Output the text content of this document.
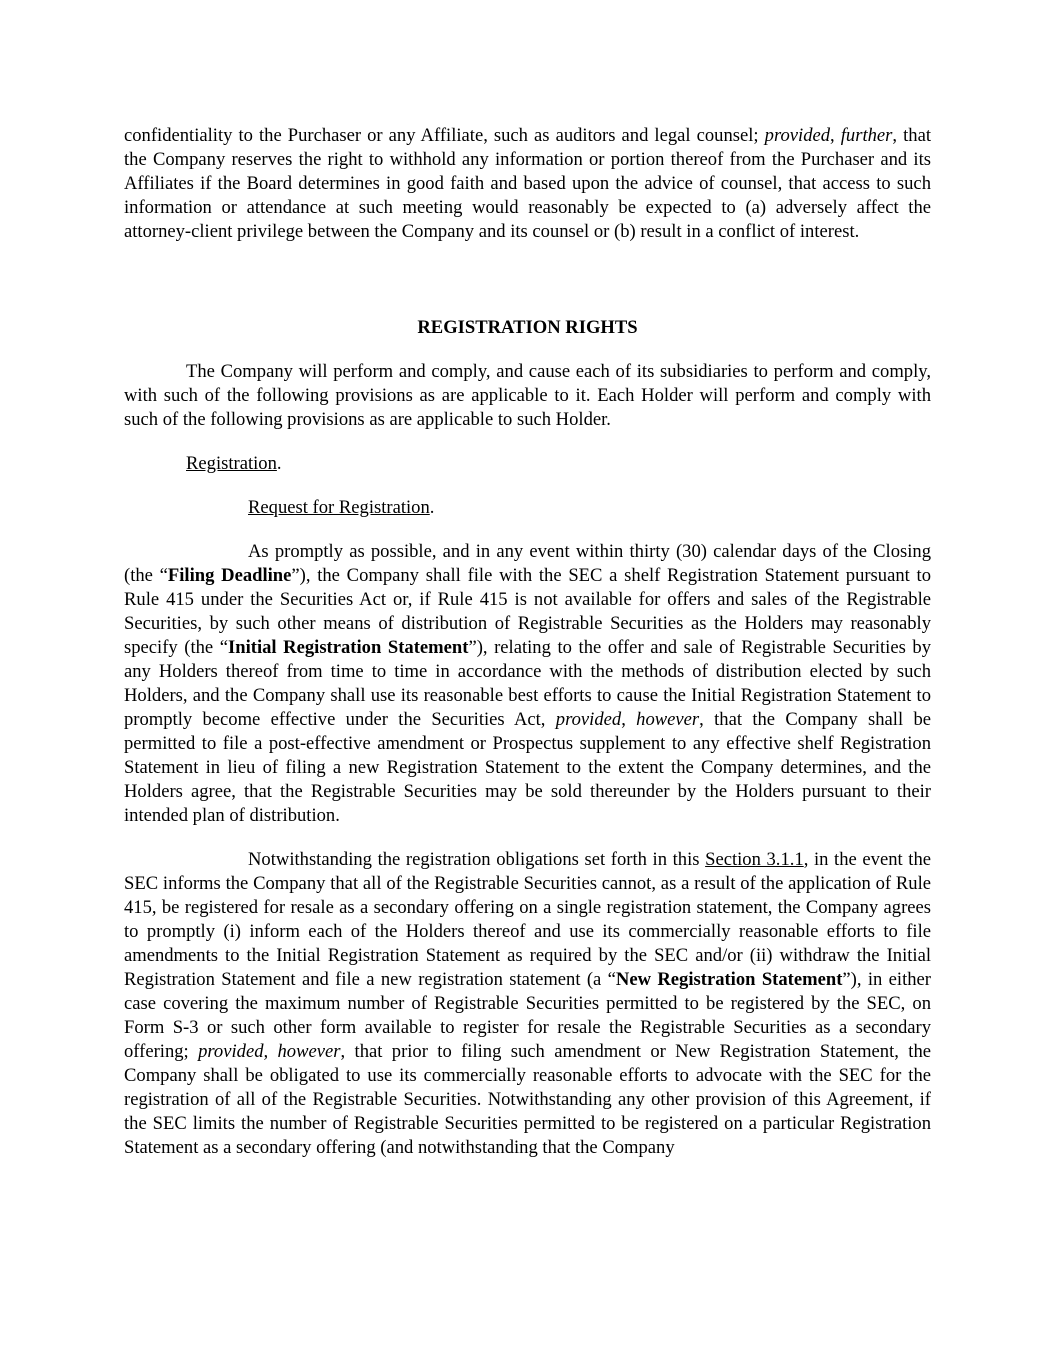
confidentiality to the Purchaser or any Affiliate, such as auditors and legal counsel; provided, further, that the Company reserves the right to withhold any information or portion thereof from the Purchaser and its Affiliates if the Board determines in good faith and based upon the advice of counsel, that access to such information or attendance at such meeting would reasonably be expected to (a) adversely affect the attorney-client privilege between the Company and its counsel or (b) result in a conflict of interest.

REGISTRATION RIGHTS

The Company will perform and comply, and cause each of its subsidiaries to perform and comply, with such of the following provisions as are applicable to it. Each Holder will perform and comply with such of the following provisions as are applicable to such Holder.

Registration.

Request for Registration.

As promptly as possible, and in any event within thirty (30) calendar days of the Closing (the “Filing Deadline”), the Company shall file with the SEC a shelf Registration Statement pursuant to Rule 415 under the Securities Act or, if Rule 415 is not available for offers and sales of the Registrable Securities, by such other means of distribution of Registrable Securities as the Holders may reasonably specify (the “Initial Registration Statement”), relating to the offer and sale of Registrable Securities by any Holders thereof from time to time in accordance with the methods of distribution elected by such Holders, and the Company shall use its reasonable best efforts to cause the Initial Registration Statement to promptly become effective under the Securities Act, provided, however, that the Company shall be permitted to file a post-effective amendment or Prospectus supplement to any effective shelf Registration Statement in lieu of filing a new Registration Statement to the extent the Company determines, and the Holders agree, that the Registrable Securities may be sold thereunder by the Holders pursuant to their intended plan of distribution.

Notwithstanding the registration obligations set forth in this Section 3.1.1, in the event the SEC informs the Company that all of the Registrable Securities cannot, as a result of the application of Rule 415, be registered for resale as a secondary offering on a single registration statement, the Company agrees to promptly (i) inform each of the Holders thereof and use its commercially reasonable efforts to file amendments to the Initial Registration Statement as required by the SEC and/or (ii) withdraw the Initial Registration Statement and file a new registration statement (a “New Registration Statement”), in either case covering the maximum number of Registrable Securities permitted to be registered by the SEC, on Form S-3 or such other form available to register for resale the Registrable Securities as a secondary offering; provided, however, that prior to filing such amendment or New Registration Statement, the Company shall be obligated to use its commercially reasonable efforts to advocate with the SEC for the registration of all of the Registrable Securities. Notwithstanding any other provision of this Agreement, if the SEC limits the number of Registrable Securities permitted to be registered on a particular Registration Statement as a secondary offering (and notwithstanding that the Company
